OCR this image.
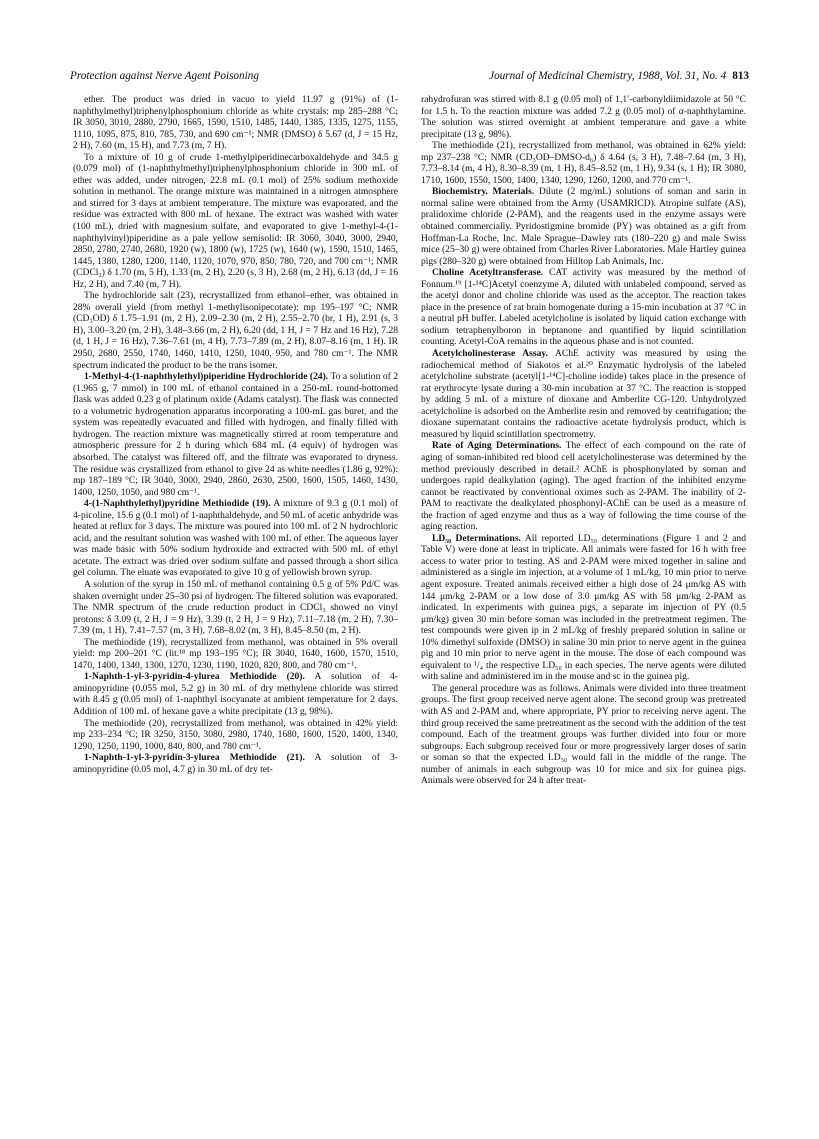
Protection against Nerve Agent Poisoning	Journal of Medicinal Chemistry, 1988, Vol. 31, No. 4 813

ether. The product was dried in vacuo to yield 11.97 g (91%) of (1-naphthylmethyl)triphenylphosphonium chloride as white crystals: mp 285–288 °C; IR 3050, 3010, 2880, 2790, 1665, 1590, 1510, 1485, 1440, 1385, 1335, 1275, 1155, 1110, 1095, 875, 810, 785, 730, and 690 cm⁻¹; NMR (DMSO) δ 5.67 (d, J = 15 Hz, 2 H), 7.60 (m, 15 H), and 7.73 (m, 7 H).

To a mixture of 10 g of crude 1-methylpiperidinecarboxaldehyde and 34.5 g (0.079 mol) of (1-naphthylmethyl)triphenylphosphonium chloride in 300 mL of ether was added, under nitrogen, 22.8 mL (0.1 mol) of 25% sodium methoxide solution in methanol. The orange mixture was maintained in a nitrogen atmosphere and stirred for 3 days at ambient temperature. The mixture was evaporated, and the residue was extracted with 800 mL of hexane. The extract was washed with water (100 mL), dried with magnesium sulfate, and evaporated to give 1-methyl-4-(1-naphthylvinyl)piperidine as a pale yellow semisolid: IR 3060, 3040, 3000, 2940, 2850, 2780, 2740, 2680, 1920 (w), 1800 (w), 1725 (w), 1640 (w), 1590, 1510, 1465, 1445, 1380, 1280, 1200, 1140, 1120, 1070, 970, 850, 780, 720, and 700 cm⁻¹; NMR (CDCl₃) δ 1.70 (m, 5 H), 1.33 (m, 2 H), 2.20 (s, 3 H), 2.68 (m, 2 H), 6.13 (dd, J = 16 Hz, 2 H), and 7.40 (m, 7 H).

The hydrochloride salt (23), recrystallized from ethanol–ether, was obtained in 28% overall yield (from methyl 1-methylisonipecotate): mp 195–197 °C; NMR (CD₃OD) δ 1.75–1.91 (m, 2 H), 2.09–2.30 (m, 2 H), 2.55–2.70 (br, 1 H), 2.91 (s, 3 H), 3.00–3.20 (m, 2 H), 3.48–3.66 (m, 2 H), 6.20 (dd, 1 H, J = 7 Hz and 16 Hz), 7.28 (d, 1 H, J = 16 Hz), 7.36–7.61 (m, 4 H), 7.73–7.89 (m, 2 H), 8.07–8.16 (m, 1 H). IR 2950, 2680, 2550, 1740, 1460, 1410, 1250, 1040, 950, and 780 cm⁻¹. The NMR spectrum indicated the product to be the trans isomer.

1-Methyl-4-(1-naphthylethyl)piperidine Hydrochloride (24). To a solution of 2 (1.965 g, 7 mmol) in 100 mL of ethanol contained in a 250-mL round-bottomed flask was added 0.23 g of platinum oxide (Adams catalyst). The flask was connected to a volumetric hydrogenation apparatus incorporating a 100-mL gas buret, and the system was repeatedly evacuated and filled with hydrogen, and finally filled with hydrogen. The reaction mixture was magnetically stirred at room temperature and atmospheric pressure for 2 h during which 684 mL (4 equiv) of hydrogen was absorbed. The catalyst was filtered off, and the filtrate was evaporated to dryness. The residue was crystallized from ethanol to give 24 as white needles (1.86 g, 92%): mp 187–189 °C; IR 3040, 3000, 2940, 2860, 2630, 2500, 1600, 1505, 1460, 1430, 1400, 1250, 1050, and 980 cm⁻¹.

4-(1-Naphthylethyl)pyridine Methiodide (19). A mixture of 9.3 g (0.1 mol) of 4-picoline, 15.6 g (0.1 mol) of 1-naphthaldehyde, and 50 mL of acetic anhydride was heated at reflux for 3 days. The mixture was poured into 100 mL of 2 N hydrochloric acid, and the resultant solution was washed with 100 mL of ether. The aqueous layer was made basic with 50% sodium hydroxide and extracted with 500 mL of ethyl acetate. The extract was dried over sodium sulfate and passed through a short silica gel column. The eluate was evaporated to give 10 g of yellowish brown syrup.

A solution of the syrup in 150 mL of methanol containing 0.5 g of 5% Pd/C was shaken overnight under 25–30 psi of hydrogen. The filtered solution was evaporated. The NMR spectrum of the crude reduction product in CDCl₃ showed no vinyl protons: δ 3.09 (t, 2 H, J = 9 Hz), 3.39 (t, 2 H, J = 9 Hz), 7.11–7.18 (m, 2 H), 7.30–7.39 (m, 1 H), 7.41–7.57 (m, 3 H), 7.68–8.02 (m, 3 H), 8.45–8.50 (m, 2 H).

The methiodide (19), recrystallized from methanol, was obtained in 5% overall yield: mp 200–201 °C (lit.¹⁸ mp 193–195 °C); IR 3040, 1640, 1600, 1570, 1510, 1470, 1400, 1340, 1300, 1270, 1230, 1190, 1020, 820, 800, and 780 cm⁻¹.

1-Naphth-1-yl-3-pyridin-4-ylurea Methiodide (20). A solution of 4-aminopyridine (0.055 mol, 5.2 g) in 30 mL of dry methylene chloride was stirred with 8.45 g (0.05 mol) of 1-naphthyl isocyanate at ambient temperature for 2 days. Addition of 100 mL of hexane gave a white precipitate (13 g, 98%).

The methiodide (20), recrystallized from methanol, was obtained in 42% yield: mp 233–234 °C; IR 3250, 3150, 3080, 2980, 1740, 1680, 1600, 1520, 1400, 1340, 1290, 1250, 1190, 1000, 840, 800, and 780 cm⁻¹.

1-Naphth-1-yl-3-pyridin-3-ylurea Methiodide (21). A solution of 3-aminopyridine (0.05 mol, 4.7 g) in 30 mL of dry tet-

rahydrofuran was stirred with 8.1 g (0.05 mol) of 1,1′-carbonyldiimidazole at 50 °C for 1.5 h. To the reaction mixture was added 7.2 g (0.05 mol) of α-naphthylamine. The solution was stirred overnight at ambient temperature and gave a white precipitate (13 g, 98%).

The methiodide (21), recrystallized from methanol, was obtained in 62% yield: mp 237–238 °C; NMR (CD₃OD–DMSO-d₆) δ 4.64 (s, 3 H), 7.48–7.64 (m, 3 H), 7.73–8.14 (m, 4 H), 8.30–8.39 (m, 1 H), 8.45–8.52 (m, 1 H), 9.34 (s, 1 H); IR 3080, 1710, 1600, 1550, 1500, 1400, 1340, 1290, 1260, 1200, and 770 cm⁻¹.

Biochemistry. Materials. Dilute (2 mg/mL) solutions of soman and sarin in normal saline were obtained from the Army (USAMRICD). Atropine sulfate (AS), pralidoxime chloride (2-PAM), and the reagents used in the enzyme assays were obtained commercially. Pyridostigmine bromide (PY) was obtained as a gift from Hoffman-La Roche, Inc. Male Sprague–Dawley rats (180–220 g) and male Swiss mice (25–30 g) were obtained from Charles River Laboratories. Male Hartley guinea pigs (280–320 g) were obtained from Hilltop Lab Animals, Inc.

Choline Acetyltransferase. CAT activity was measured by the method of Fonnum.¹⁹ [1-¹⁴C]Acetyl coenzyme A, diluted with unlabeled compound, served as the acetyl donor and choline chloride was used as the acceptor. The reaction takes place in the presence of rat brain homogenate during a 15-min incubation at 37 °C in a neutral pH buffer. Labeled acetylcholine is isolated by liquid cation exchange with sodium tetraphenylboron in heptanone and quantified by liquid scintillation counting. Acetyl-CoA remains in the aqueous phase and is not counted.

Acetylcholinesterase Assay. AChE activity was measured by using the radiochemical method of Siakotos et al.²⁰ Enzymatic hydrolysis of the labeled acetylcholine substrate (acetyl[1-¹⁴C]-choline iodide) takes place in the presence of rat erythrocyte lysate during a 30-min incubation at 37 °C. The reaction is stopped by adding 5 mL of a mixture of dioxane and Amberlite CG-120. Unhydrolyzed acetylcholine is adsorbed on the Amberlite resin and removed by centrifugation; the dioxane supernatant contains the radioactive acetate hydrolysis product, which is measured by liquid scintillation spectrometry.

Rate of Aging Determinations. The effect of each compound on the rate of aging of soman-inhibited red blood cell acetylcholinesterase was determined by the method previously described in detail.² AChE is phosphonylated by soman and undergoes rapid dealkylation (aging). The aged fraction of the inhibited enzyme cannot be reactivated by conventional oximes such as 2-PAM. The inability of 2-PAM to reactivate the dealkylated phosphonyl-AChE can be used as a measure of the fraction of aged enzyme and thus as a way of following the time course of the aging reaction.

LD₅₀ Determinations. All reported LD₅₀ determinations (Figure 1 and 2 and Table V) were done at least in triplicate. All animals were fasted for 16 h with free access to water prior to testing. AS and 2-PAM were mixed together in saline and administered as a single im injection, at a volume of 1 mL/kg, 10 min prior to nerve agent exposure. Treated animals received either a high dose of 24 μm/kg AS with 144 μm/kg 2-PAM or a low dose of 3.0 μm/kg AS with 58 μm/kg 2-PAM as indicated. In experiments with guinea pigs, a separate im injection of PY (0.5 μm/kg) given 30 min before soman was included in the pretreatment regimen. The test compounds were given ip in 2 mL/kg of freshly prepared solution in saline or 10% dimethyl sulfoxide (DMSO) in saline 30 min prior to nerve agent in the guinea pig and 10 min prior to nerve agent in the mouse. The dose of each compound was equivalent to ¹/₄ the respective LD₅₀ in each species. The nerve agents were diluted with saline and administered im in the mouse and sc in the guinea pig.

The general procedure was as follows. Animals were divided into three treatment groups. The first group received nerve agent alone. The second group was pretreated with AS and 2-PAM and, where appropriate, PY prior to receiving nerve agent. The third group received the same pretreatment as the second with the addition of the test compound. Each of the treatment groups was further divided into four or more subgroups. Each subgroup received four or more progressively larger doses of sarin or soman so that the expected LD₅₀ would fall in the middle of the range. The number of animals in each subgroup was 10 for mice and six for guinea pigs. Animals were observed for 24 h after treat-
